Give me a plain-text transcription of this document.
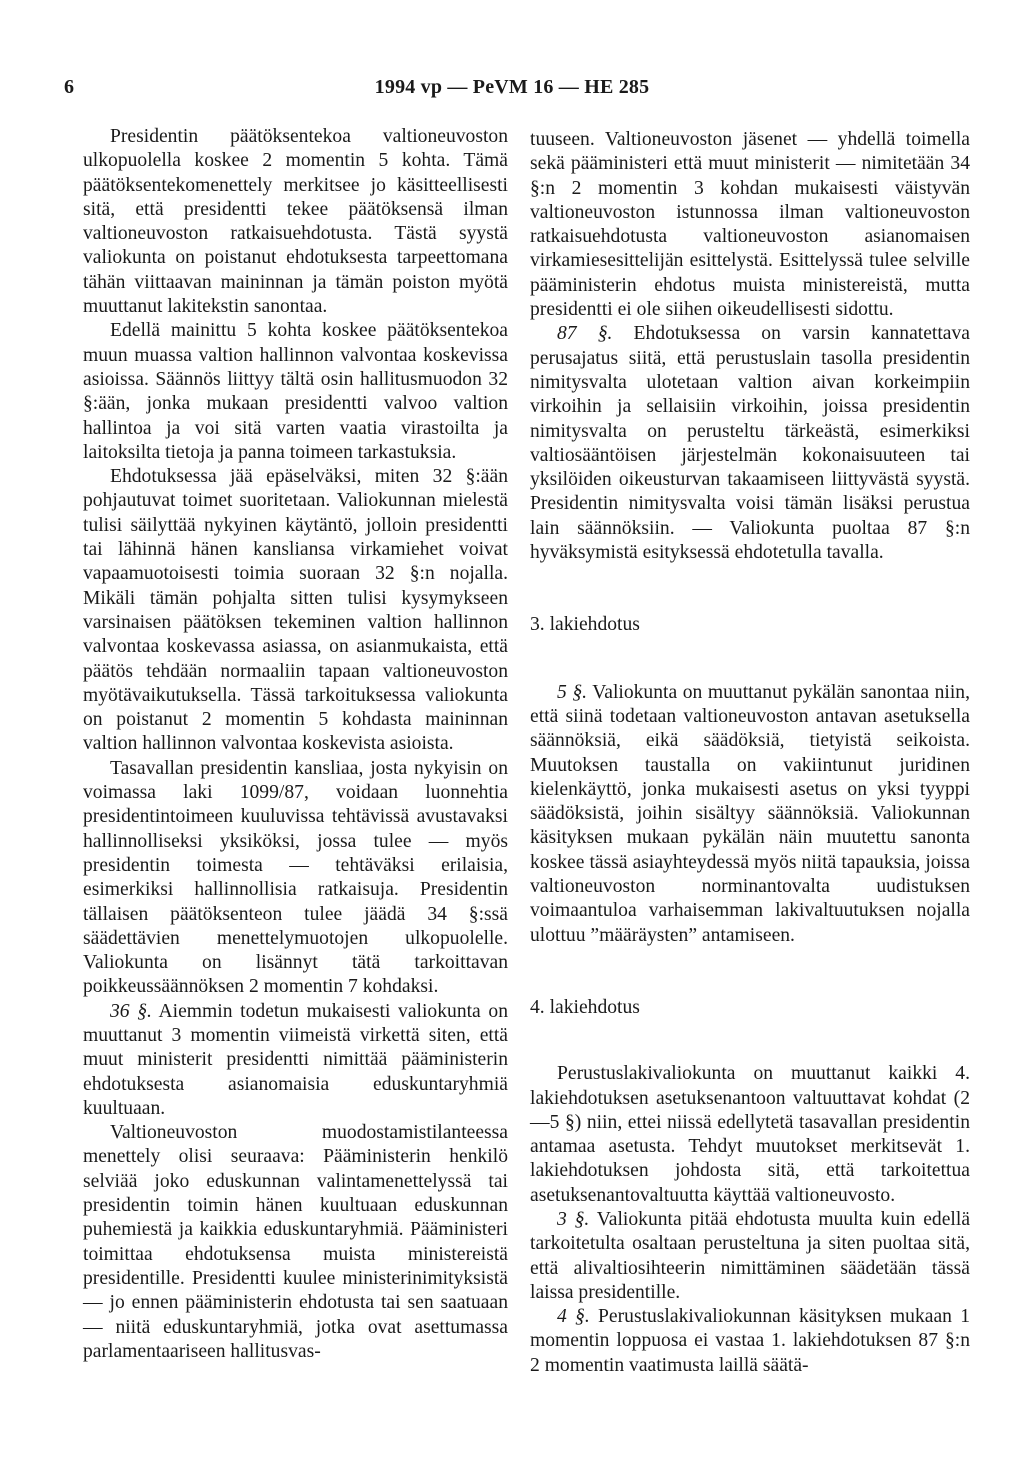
6	1994 vp — PeVM 16 — HE 285

Presidentin päätöksentekoa valtioneuvoston ulkopuolella koskee 2 momentin 5 kohta. Tämä päätöksentekomenettely merkitsee jo käsitteellisesti sitä, että presidentti tekee päätöksensä ilman valtioneuvoston ratkaisuehdotusta. Tästä syystä valiokunta on poistanut ehdotuksesta tarpeettomana tähän viittaavan maininnan ja tämän poiston myötä muuttanut lakitekstin sanontaa.

Edellä mainittu 5 kohta koskee päätöksentekoa muun muassa valtion hallinnon valvontaa koskevissa asioissa. Säännös liittyy tältä osin hallitusmuodon 32 §:ään, jonka mukaan presidentti valvoo valtion hallintoa ja voi sitä varten vaatia virastoilta ja laitoksilta tietoja ja panna toimeen tarkastuksia.

Ehdotuksessa jää epäselväksi, miten 32 §:ään pohjautuvat toimet suoritetaan. Valiokunnan mielestä tulisi säilyttää nykyinen käytäntö, jolloin presidentti tai lähinnä hänen kansliansa virkamiehet voivat vapaamuotoisesti toimia suoraan 32 §:n nojalla. Mikäli tämän pohjalta sitten tulisi kysymykseen varsinaisen päätöksen tekeminen valtion hallinnon valvontaa koskevassa asiassa, on asianmukaista, että päätös tehdään normaaliin tapaan valtioneuvoston myötävaikutuksella. Tässä tarkoituksessa valiokunta on poistanut 2 momentin 5 kohdasta maininnan valtion hallinnon valvontaa koskevista asioista.

Tasavallan presidentin kansliaa, josta nykyisin on voimassa laki 1099/87, voidaan luonnehtia presidentintoimeen kuuluvissa tehtävissä avustavaksi hallinnolliseksi yksiköksi, jossa tulee — myös presidentin toimesta — tehtäväksi erilaisia, esimerkiksi hallinnollisia ratkaisuja. Presidentin tällaisen päätöksenteon tulee jäädä 34 §:ssä säädettävien menettelymuotojen ulkopuolelle. Valiokunta on lisännyt tätä tarkoittavan poikkeussäännöksen 2 momentin 7 kohdaksi.

36 §. Aiemmin todetun mukaisesti valiokunta on muuttanut 3 momentin viimeistä virkettä siten, että muut ministerit presidentti nimittää pääministerin ehdotuksesta asianomaisia eduskuntaryhmiä kuultuaan.

Valtioneuvoston muodostamistilanteessa menettely olisi seuraava: Pääministerin henkilö selviää joko eduskunnan valintamenettelyssä tai presidentin toimin hänen kuultuaan eduskunnan puhemiestä ja kaikkia eduskuntaryhmiä. Pääministeri toimittaa ehdotuksensa muista ministereistä presidentille. Presidentti kuulee ministerinimityksistä — jo ennen pääministerin ehdotusta tai sen saatuaan — niitä eduskuntaryhmiä, jotka ovat asettumassa parlamentaariseen hallitusvas-

tuuseen. Valtioneuvoston jäsenet — yhdellä toimella sekä pääministeri että muut ministerit — nimitetään 34 §:n 2 momentin 3 kohdan mukaisesti väistyvän valtioneuvoston istunnossa ilman valtioneuvoston ratkaisuehdotusta valtioneuvoston asianomaisen virkamiesesittelijän esittelystä. Esittelyssä tulee selville pääministerin ehdotus muista ministereistä, mutta presidentti ei ole siihen oikeudellisesti sidottu.

87 §. Ehdotuksessa on varsin kannatettava perusajatus siitä, että perustuslain tasolla presidentin nimitysvalta ulotetaan valtion aivan korkeimpiin virkoihin ja sellaisiin virkoihin, joissa presidentin nimitysvalta on perusteltu tärkeästä, esimerkiksi valtiosääntöisen järjestelmän kokonaisuuteen tai yksilöiden oikeusturvan takaamiseen liittyvästä syystä. Presidentin nimitysvalta voisi tämän lisäksi perustua lain säännöksiin. — Valiokunta puoltaa 87 §:n hyväksymistä esityksessä ehdotetulla tavalla.

3. lakiehdotus

5 §. Valiokunta on muuttanut pykälän sanontaa niin, että siinä todetaan valtioneuvoston antavan asetuksella säännöksiä, eikä säädöksiä, tietyistä seikoista. Muutoksen taustalla on vakiintunut juridinen kielenkäyttö, jonka mukaisesti asetus on yksi tyyppi säädöksistä, joihin sisältyy säännöksiä. Valiokunnan käsityksen mukaan pykälän näin muutettu sanonta koskee tässä asiayhteydessä myös niitä tapauksia, joissa valtioneuvoston norminantovalta uudistuksen voimaantuloa varhaisemman lakivaltuutuksen nojalla ulottuu ”määräysten” antamiseen.

4. lakiehdotus

Perustuslakivaliokunta on muuttanut kaikki 4. lakiehdotuksen asetuksenantoon valtuuttavat kohdat (2—5 §) niin, ettei niissä edellytetä tasavallan presidentin antamaa asetusta. Tehdyt muutokset merkitsevät 1. lakiehdotuksen johdosta sitä, että tarkoitettua asetuksenantovaltuutta käyttää valtioneuvosto.

3 §. Valiokunta pitää ehdotusta muulta kuin edellä tarkoitetulta osaltaan perusteltuna ja siten puoltaa sitä, että alivaltiosihteerin nimittäminen säädetään tässä laissa presidentille.

4 §. Perustuslakivaliokunnan käsityksen mukaan 1 momentin loppuosa ei vastaa 1. lakiehdotuksen 87 §:n 2 momentin vaatimusta laillä säätä-
